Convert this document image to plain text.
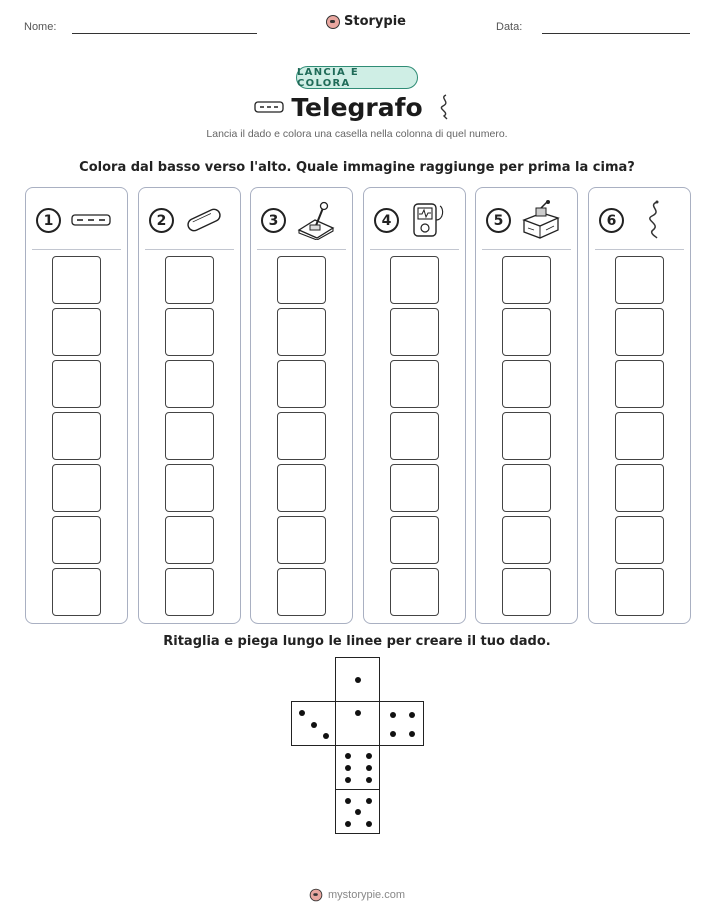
Nome:	Storypie	Data:
LANCIA E COLORA
Telegrafo
Lancia il dado e colora una casella nella colonna di quel numero.
Colora dal basso verso l'alto. Quale immagine raggiunge per prima la cima?
1	2	3	4	5	6
Ritaglia e piega lungo le linee per creare il tuo dado.
mystorypie.com
